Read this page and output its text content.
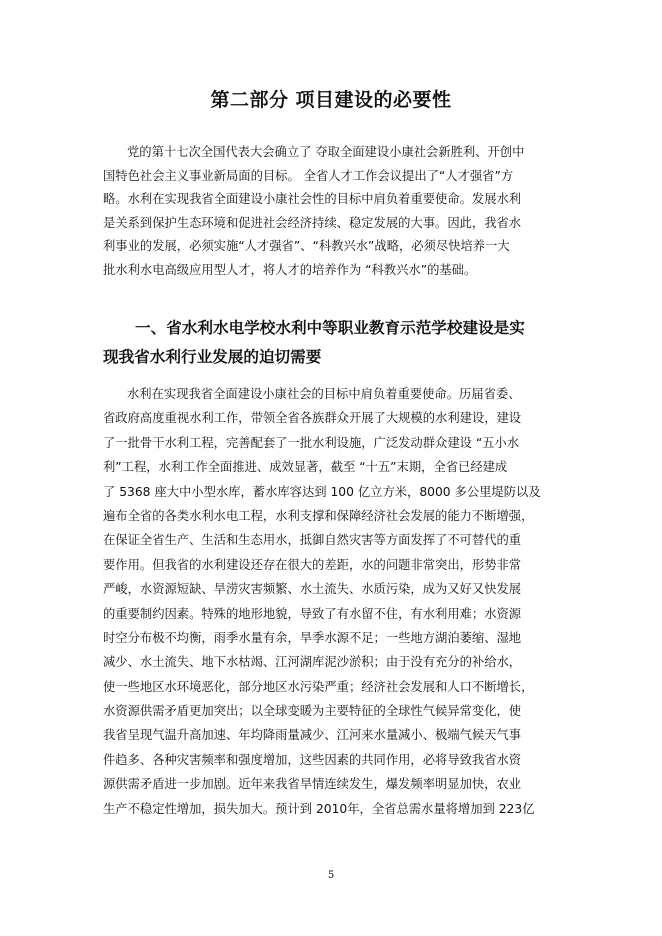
第二部分 项目建设的必要性

党的第十七次全国代表大会确立了 夺取全面建设小康社会新胜利、开创中
国特色社会主义事业新局面的目标。 全省人才工作会议提出了“人才强省”方
略。水利在实现我省全面建设小康社会性的目标中肩负着重要使命。发展水利
是关系到保护生态环境和促进社会经济持续、稳定发展的大事。因此，我省水
利事业的发展，必须实施“人才强省”、“科教兴水”战略，必须尽快培养一大
批水利水电高级应用型人才，将人才的培养作为 “科教兴水”的基础。

一、省水利水电学校水利中等职业教育示范学校建设是实
现我省水利行业发展的迫切需要

水利在实现我省全面建设小康社会的目标中肩负着重要使命。历届省委、
省政府高度重视水利工作，带领全省各族群众开展了大规模的水利建设，建设
了一批骨干水利工程，完善配套了一批水利设施，广泛发动群众建设 “五小水
利”工程，水利工作全面推进、成效显著，截至 “十五”末期，全省已经建成
了 5368 座大中小型水库，蓄水库容达到 100 亿立方米，8000 多公里堤防以及
遍布全省的各类水利水电工程，水利支撑和保障经济社会发展的能力不断增强，
在保证全省生产、生活和生态用水，抵御自然灾害等方面发挥了不可替代的重
要作用。但我省的水利建设还存在很大的差距，水的问题非常突出，形势非常
严峻，水资源短缺、旱涝灾害频繁、水土流失、水质污染，成为又好又快发展
的重要制约因素。特殊的地形地貌，导致了有水留不住，有水利用难；水资源
时空分布极不均衡，雨季水量有余，旱季水源不足；一些地方湖泊萎缩、湿地
减少、水土流失、地下水枯竭、江河湖库泥沙淤积；由于没有充分的补给水，
使一些地区水环境恶化，部分地区水污染严重；经济社会发展和人口不断增长，
水资源供需矛盾更加突出；以全球变暖为主要特征的全球性气候异常变化，使
我省呈现气温升高加速、年均降雨量减少、江河来水量减小、极端气候天气事
件趋多、各种灾害频率和强度增加，这些因素的共同作用，必将导致我省水资
源供需矛盾进一步加剧。近年来我省旱情连续发生，爆发频率明显加快，农业
生产不稳定性增加，损失加大。预计到 2010年，全省总需水量将增加到 223亿

5
